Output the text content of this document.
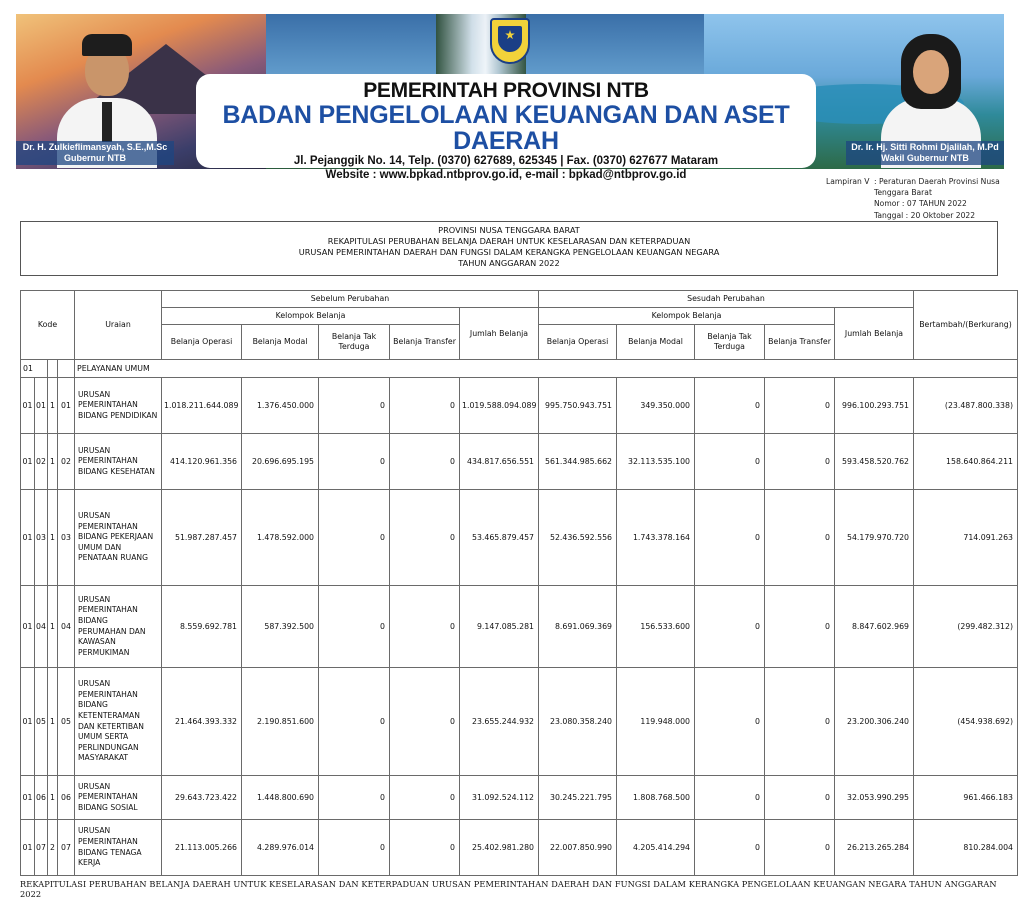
Dr. H. Zulkieflimansyah, S.E.,M.Sc
Gubernur NTB
Dr. Ir. Hj. Sitti Rohmi Djalilah, M.Pd
Wakil Gubernur NTB
PEMERINTAH PROVINSI NTB
BADAN PENGELOLAAN KEUANGAN DAN ASET DAERAH
Jl. Pejanggik No. 14, Telp. (0370) 627689, 625345 | Fax. (0370) 627677 Mataram
Website : www.bpkad.ntbprov.go.id, e-mail : bpkad@ntbprov.go.id
Lampiran V : Peraturan Daerah Provinsi Nusa
Tenggara Barat
Nomor : 07 TAHUN 2022
Tanggal : 20 Oktober 2022
PROVINSI NUSA TENGGARA BARAT
REKAPITULASI PERUBAHAN BELANJA DAERAH UNTUK KESELARASAN DAN KETERPADUAN
URUSAN PEMERINTAHAN DAERAH DAN FUNGSI DALAM KERANGKA PENGELOLAAN KEUANGAN NEGARA
TAHUN ANGGARAN 2022
Kode				Uraian	Sebelum Perubahan					Sesudah Perubahan					Bertambah/(Berkurang)
					Kelompok Belanja				Jumlah Belanja	Kelompok Belanja				Jumlah Belanja	
					Belanja Operasi	Belanja Modal	Belanja Tak Terduga	Belanja Transfer		Belanja Operasi	Belanja Modal	Belanja Tak Terduga	Belanja Transfer		
01				PELAYANAN UMUM											
01	01	1	01	URUSAN PEMERINTAHAN BIDANG PENDIDIKAN	1.018.211.644.089	1.376.450.000	0	0	1.019.588.094.089	995.750.943.751	349.350.000	0	0	996.100.293.751	(23.487.800.338)
01	02	1	02	URUSAN PEMERINTAHAN BIDANG KESEHATAN	414.120.961.356	20.696.695.195	0	0	434.817.656.551	561.344.985.662	32.113.535.100	0	0	593.458.520.762	158.640.864.211
01	03	1	03	URUSAN PEMERINTAHAN BIDANG PEKERJAAN UMUM DAN PENATAAN RUANG	51.987.287.457	1.478.592.000	0	0	53.465.879.457	52.436.592.556	1.743.378.164	0	0	54.179.970.720	714.091.263
01	04	1	04	URUSAN PEMERINTAHAN BIDANG PERUMAHAN DAN KAWASAN PERMUKIMAN	8.559.692.781	587.392.500	0	0	9.147.085.281	8.691.069.369	156.533.600	0	0	8.847.602.969	(299.482.312)
01	05	1	05	URUSAN PEMERINTAHAN BIDANG KETENTERAMAN DAN KETERTIBAN UMUM SERTA PERLINDUNGAN MASYARAKAT	21.464.393.332	2.190.851.600	0	0	23.655.244.932	23.080.358.240	119.948.000	0	0	23.200.306.240	(454.938.692)
01	06	1	06	URUSAN PEMERINTAHAN BIDANG SOSIAL	29.643.723.422	1.448.800.690	0	0	31.092.524.112	30.245.221.795	1.808.768.500	0	0	32.053.990.295	961.466.183
01	07	2	07	URUSAN PEMERINTAHAN BIDANG TENAGA KERJA	21.113.005.266	4.289.976.014	0	0	25.402.981.280	22.007.850.990	4.205.414.294	0	0	26.213.265.284	810.284.004
REKAPITULASI PERUBAHAN BELANJA DAERAH UNTUK KESELARASAN DAN KETERPADUAN URUSAN PEMERINTAHAN DAERAH DAN FUNGSI DALAM KERANGKA PENGELOLAAN KEUANGAN NEGARA TAHUN ANGGARAN 2022
